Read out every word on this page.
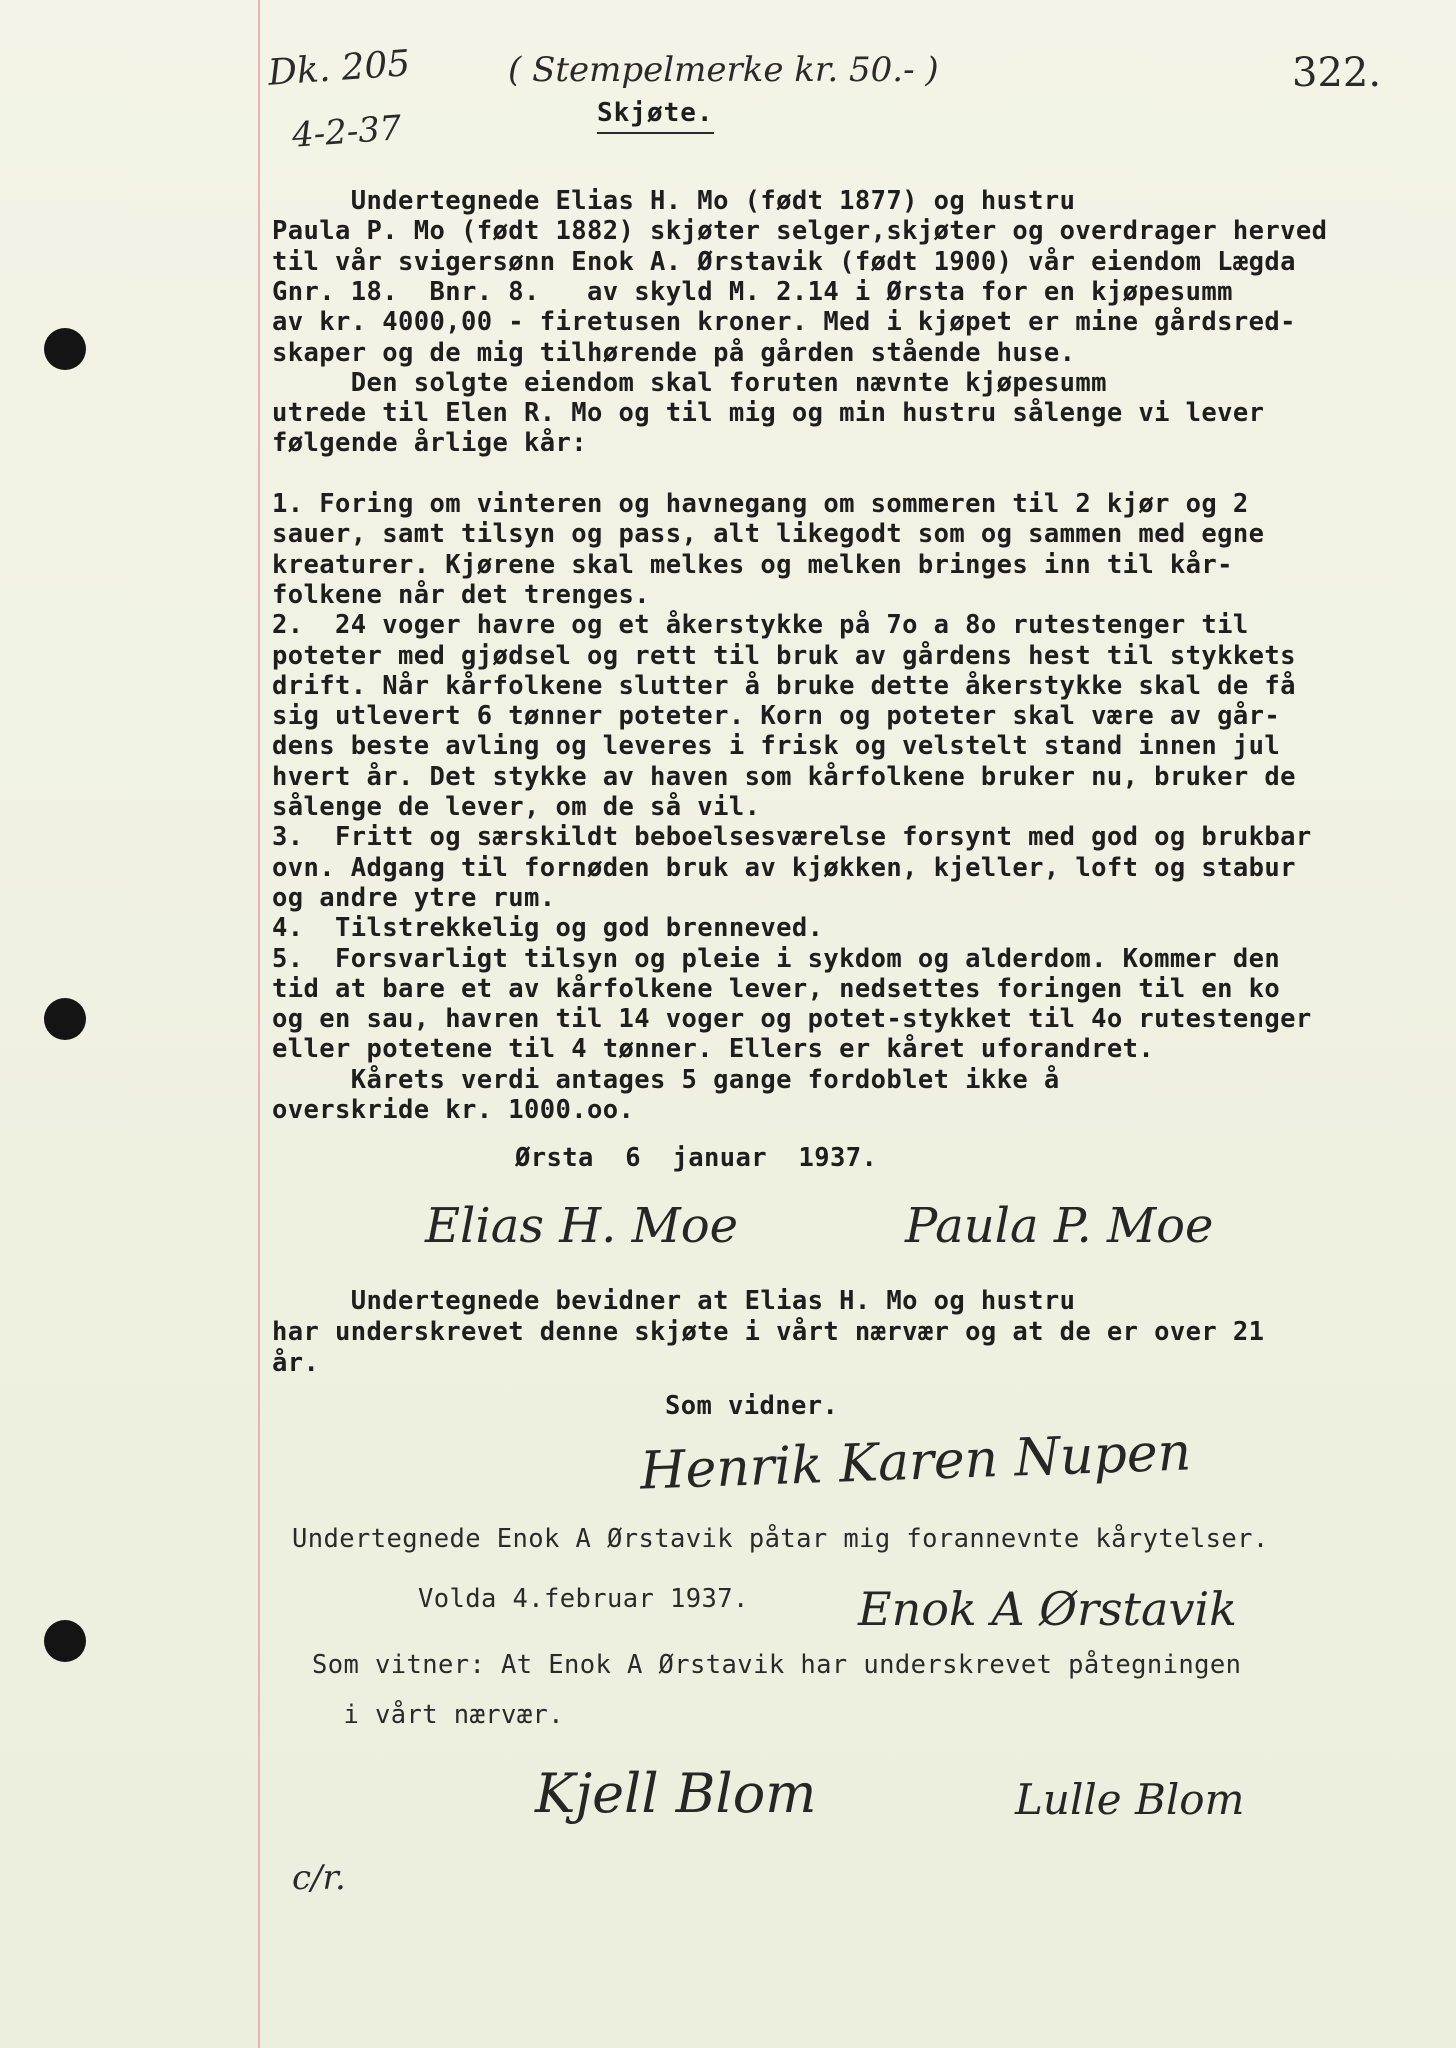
Dk. 205
4-2-37
( Stempelmerke kr. 50.- )	322.
Skjøte.
Undertegnede Elias H. Mo (født 1877) og hustru
Paula P. Mo (født 1882) skjøter selger,skjøter og overdrager herved
til vår svigersønn Enok A. Ørstavik (født 1900) vår eiendom Lægda
Gnr. 18.  Bnr. 8.   av skyld M. 2.14 i Ørsta for en kjøpesumm
av kr. 4000,00 - firetusen kroner. Med i kjøpet er mine gårdsred-
skaper og de mig tilhørende på gården stående huse.
Den solgte eiendom skal foruten nævnte kjøpesumm
utrede til Elen R. Mo og til mig og min hustru sålenge vi lever
følgende årlige kår:
1. Foring om vinteren og havnegang om sommeren til 2 kjør og 2
sauer, samt tilsyn og pass, alt likegodt som og sammen med egne
kreaturer. Kjørene skal melkes og melken bringes inn til kår-
folkene når det trenges.
2.  24 voger havre og et åkerstykke på 7o a 8o rutestenger til
poteter med gjødsel og rett til bruk av gårdens hest til stykkets
drift. Når kårfolkene slutter å bruke dette åkerstykke skal de få
sig utlevert 6 tønner poteter. Korn og poteter skal være av går-
dens beste avling og leveres i frisk og velstelt stand innen jul
hvert år. Det stykke av haven som kårfolkene bruker nu, bruker de
sålenge de lever, om de så vil.
3.  Fritt og særskildt beboelsesværelse forsynt med god og brukbar
ovn. Adgang til fornøden bruk av kjøkken, kjeller, loft og stabur
og andre ytre rum.
4.  Tilstrekkelig og god brenneved.
5.  Forsvarligt tilsyn og pleie i sykdom og alderdom. Kommer den
tid at bare et av kårfolkene lever, nedsettes foringen til en ko
og en sau, havren til 14 voger og potet-stykket til 4o rutestenger
eller potetene til 4 tønner. Ellers er kåret uforandret.
Kårets verdi antages 5 gange fordoblet ikke å
overskride kr. 1000.oo.
Ørsta  6  januar  1937.
Elias H. Moe	Paula P. Moe
Undertegnede bevidner at Elias H. Mo og hustru
har underskrevet denne skjøte i vårt nærvær og at de er over 21
år.
Som vidner.
Henrik Karen Nupen
Undertegnede Enok A Ørstavik påtar mig forannevnte kårytelser.
Volda 4.februar 1937. Enok A Ørstavik
Som vitner: At Enok A Ørstavik har underskrevet påtegningen
i vårt nærvær.
Kjell Blom	Lulle Blom
c/r.
